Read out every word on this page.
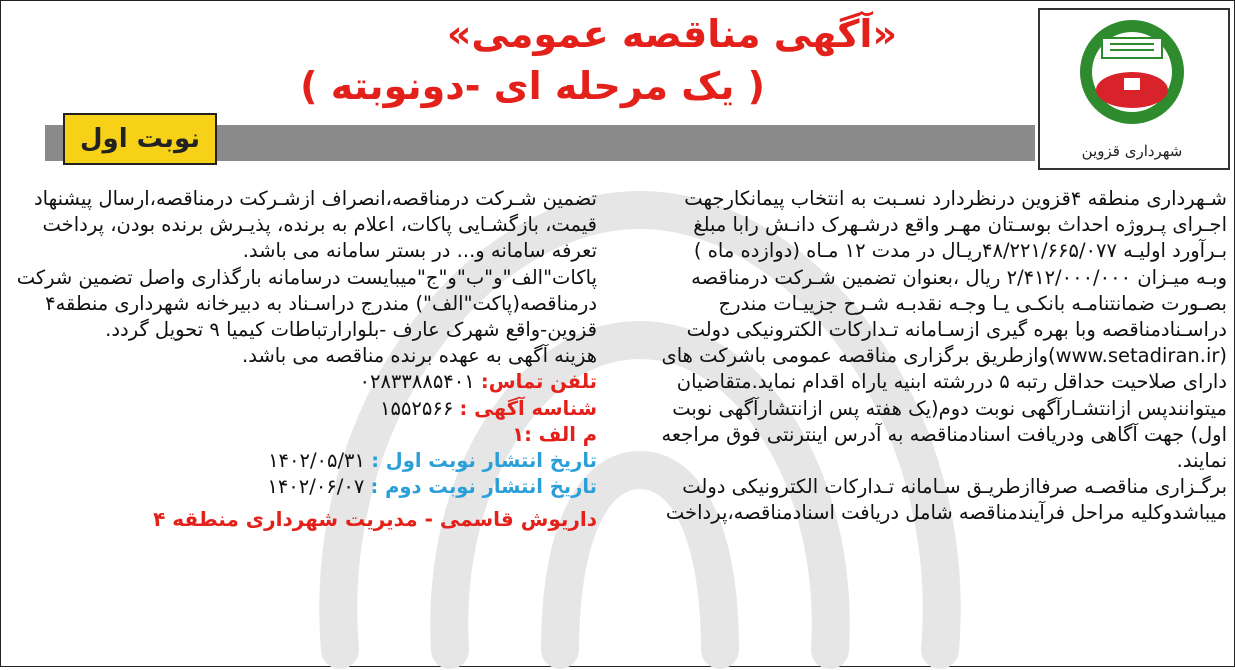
شهرداری قزوین
«آگهی مناقصه عمومی»
( یک مرحله ای -دونوبته )
نوبت اول

شـهرداری منطقه ۴قزوین درنظردارد نسـبت به انتخاب پیمانکارجهت

اجـرای پـروژه احداث بوسـتان مهـر واقع درشـهرک دانـش رابا مبلغ

بـرآورد اولیـه ۴۸/۲۲۱/۶۶۵/۰۷۷ریـال در مدت ۱۲ مـاه (دوازده ماه )

وبـه میـزان ۲/۴۱۲/۰۰۰/۰۰۰ ریال ،بعنوان تضمین شـرکت درمناقصه

بصـورت ضمانتنامـه بانکـی یـا وجـه نقدبـه شـرح جزییـات مندرج

دراسـنادمناقصه وبا بهره گیری ازسـامانه تـدارکات الکترونیکی دولت

(www.setadiran.ir)وازطریق برگزاری مناقصه عمومی باشرکت های

دارای صلاحیت حداقل رتبه ۵ دررشته ابنیه یاراه اقدام نماید.متقاضیان

میتوانندپس ازانتشـارآگهی نوبت دوم(یک هفته پس ازانتشارآگهی نوبت

اول) جهت آگاهی ودریافت اسنادمناقصه به آدرس اینترنتی فوق مراجعه

نمایند.

برگـزاری مناقصـه صرفاازطریـق سـامانه تـدارکات الکترونیکی دولت

میباشدوکلیه مراحل فرآیندمناقصه شامل دریافت اسنادمناقصه،پرداخت

تضمین شـرکت درمناقصه،انصراف ازشـرکت درمناقصه،ارسال پیشنهاد

قیمت، بازگشـایی پاکات، اعلام به برنده، پذیـرش برنده بودن، پرداخت

تعرفه سامانه و... در بستر سامانه می باشد.

پاکات"الف"و"ب"و"ج"میبایست درسامانه بارگذاری واصل تضمین شرکت

درمناقصه(پاکت"الف") مندرج دراسـناد به دبیرخانه شهرداری منطقه۴

قزوین-واقع شهرک عارف -بلوارارتباطات کیمیا ۹ تحویل گردد.

هزینه آگهی به عهده برنده مناقصه می باشد.

تلفن تماس: ۰۲۸۳۳۸۸۵۴۰۱

شناسه آگهی : ۱۵۵۲۵۶۶

م الف :۱

تاریخ انتشار نوبت اول : ۱۴۰۲/۰۵/۳۱

تاریخ انتشار نوبت دوم : ۱۴۰۲/۰۶/۰۷

داریوش قاسمی - مدیریت شهرداری منطقه ۴
